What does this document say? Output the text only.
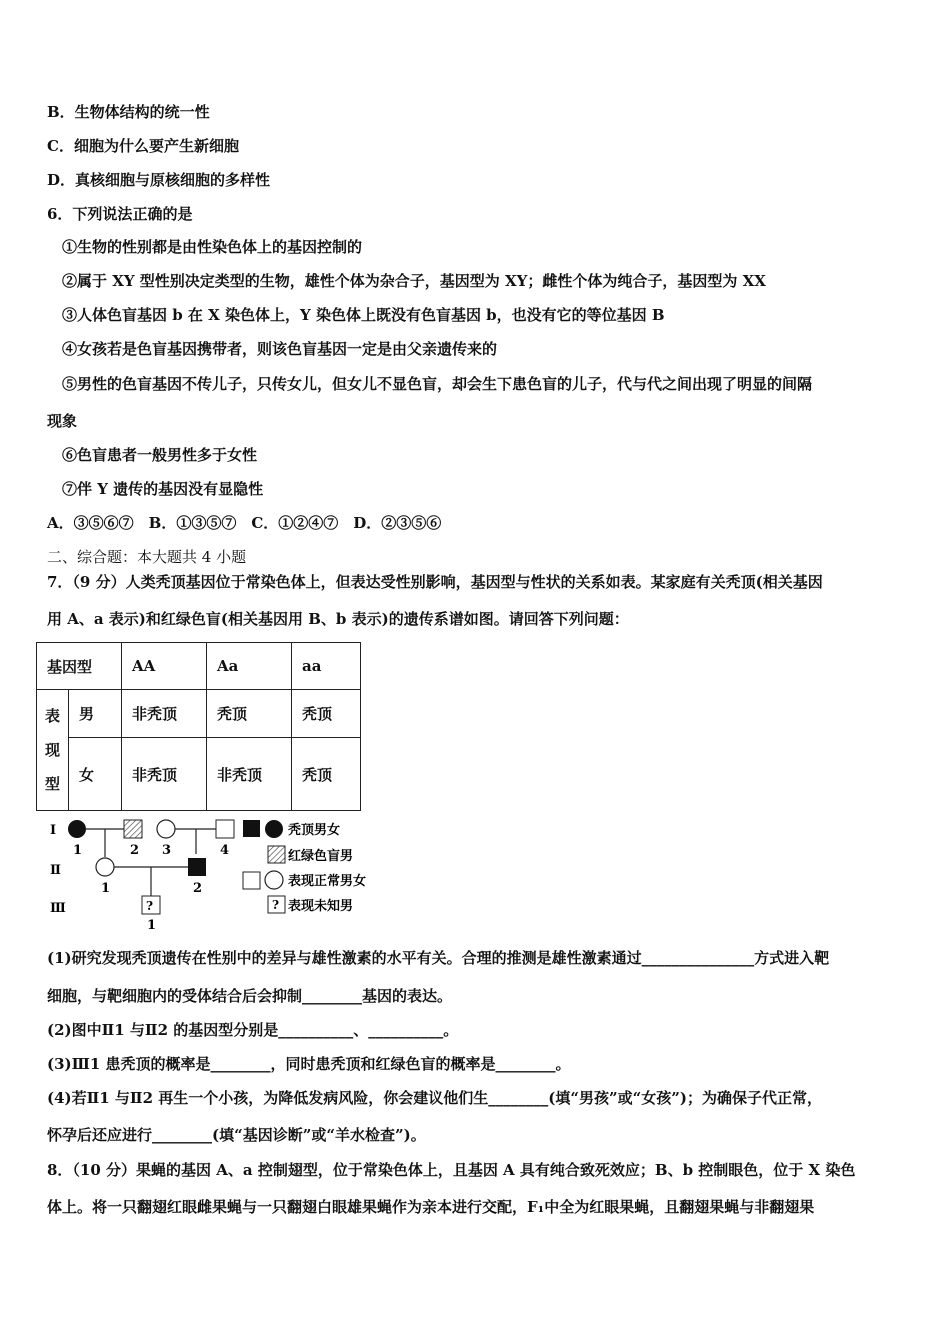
B．生物体结构的统一性
C．细胞为什么要产生新细胞
D．真核细胞与原核细胞的多样性
6．下列说法正确的是
①生物的性别都是由性染色体上的基因控制的
②属于 XY 型性别决定类型的生物，雄性个体为杂合子，基因型为 XY；雌性个体为纯合子，基因型为 XX
③人体色盲基因 b 在 X 染色体上，Y 染色体上既没有色盲基因 b，也没有它的等位基因 B
④女孩若是色盲基因携带者，则该色盲基因一定是由父亲遗传来的
⑤男性的色盲基因不传儿子，只传女儿，但女儿不显色盲，却会生下患色盲的儿子，代与代之间出现了明显的间隔
现象
⑥色盲患者一般男性多于女性
⑦伴 Y 遗传的基因没有显隐性
A．③⑤⑥⑦　B．①③⑤⑦　C．①②④⑦　D．②③⑤⑥
二、综合题：本大题共 4 小题
7．（9 分）人类秃顶基因位于常染色体上，但表达受性别影响，基因型与性状的关系如表。某家庭有关秃顶(相关基因
用 A、a 表示)和红绿色盲(相关基因用 B、b 表示)的遗传系谱如图。请回答下列问题：
基因型		AA	Aa	aa
表
现
型	男	非秃顶	秃顶	秃顶
	女	非秃顶	非秃顶	秃顶
Ⅰ
Ⅱ
Ⅲ	?
1	2 3	4
1	2
1
秃顶男女
红绿色盲男
表现正常男女
? 表现未知男
(1)研究发现秃顶遗传在性别中的差异与雄性激素的水平有关。合理的推测是雄性激素通过_______________方式进入靶
细胞，与靶细胞内的受体结合后会抑制________基因的表达。
(2)图中Ⅱ1 与Ⅱ2 的基因型分别是__________、__________。
(3)Ⅲ1 患秃顶的概率是________，同时患秃顶和红绿色盲的概率是________。
(4)若Ⅱ1 与Ⅱ2 再生一个小孩，为降低发病风险，你会建议他们生________(填“男孩”或“女孩”)；为确保子代正常，
怀孕后还应进行________(填“基因诊断”或“羊水检查”)。
8．（10 分）果蝇的基因 A、a 控制翅型，位于常染色体上，且基因 A 具有纯合致死效应；B、b 控制眼色，位于 X 染色
体上。将一只翻翅红眼雌果蝇与一只翻翅白眼雄果蝇作为亲本进行交配，F₁中全为红眼果蝇，且翻翅果蝇与非翻翅果
